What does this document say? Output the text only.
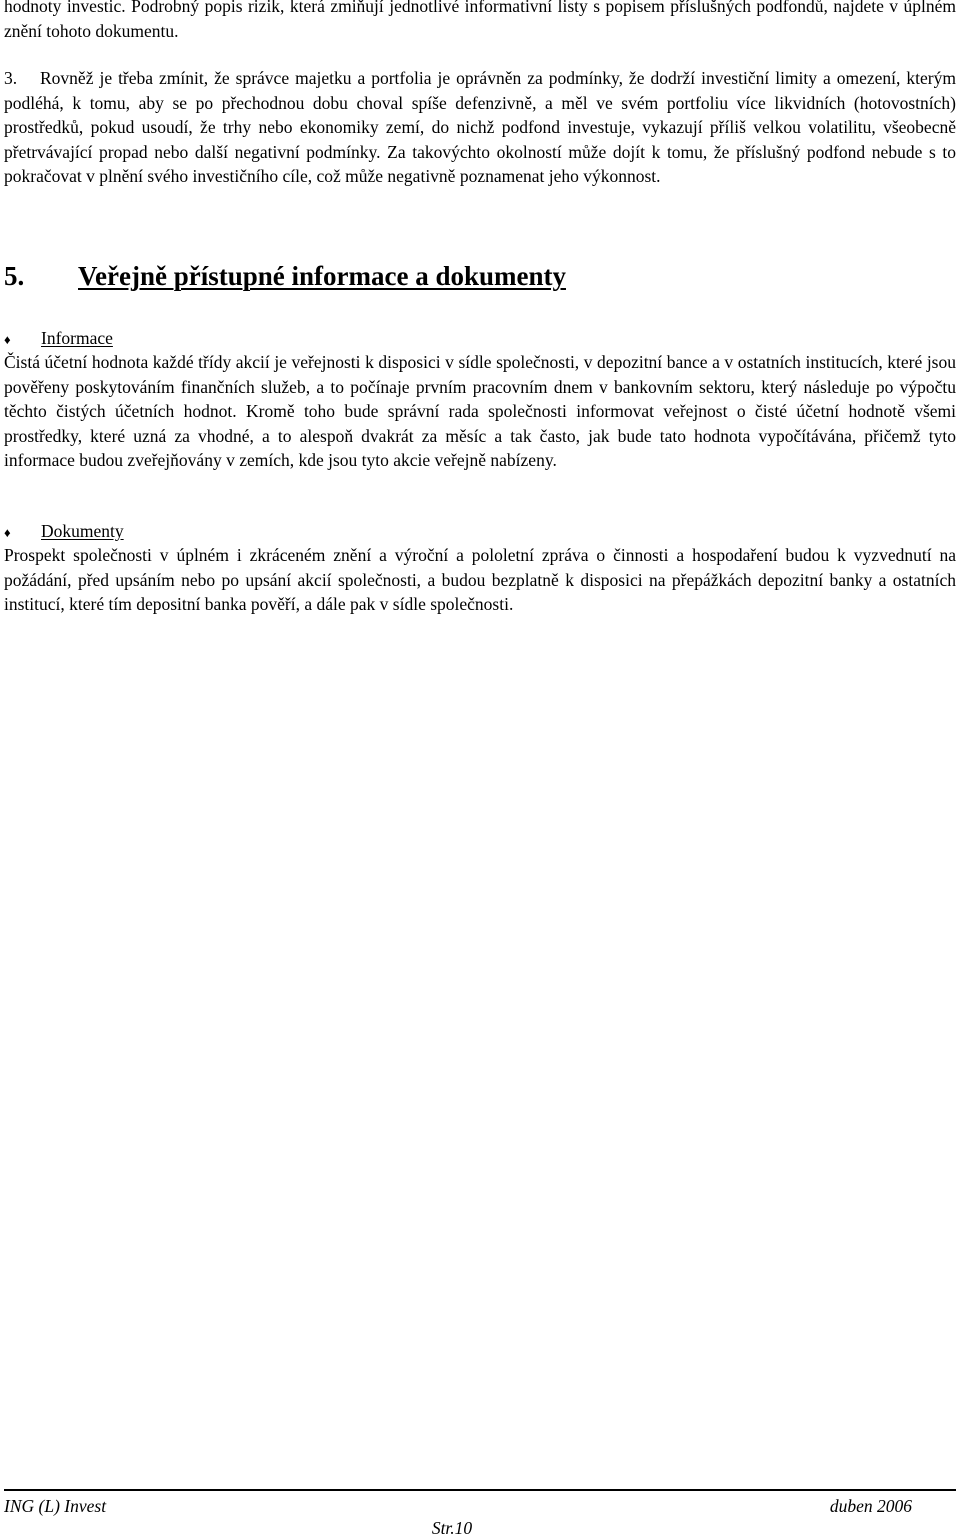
hodnoty investic. Podrobný popis rizik, která zmiňují jednotlivé informativní listy s popisem příslušných podfondů, najdete v úplném znění tohoto dokumentu.

3. Rovněž je třeba zmínit, že správce majetku a portfolia je oprávněn za podmínky, že dodrží investiční limity a omezení, kterým podléhá, k tomu, aby se po přechodnou dobu choval spíše defenzivně, a měl ve svém portfoliu více likvidních (hotovostních) prostředků, pokud usoudí, že trhy nebo ekonomiky zemí, do nichž podfond investuje, vykazují příliš velkou volatilitu, všeobecně přetrvávající propad nebo další negativní podmínky. Za takovýchto okolností může dojít k tomu, že příslušný podfond nebude s to pokračovat v plnění svého investičního cíle, což může negativně poznamenat jeho výkonnost.

5. Veřejně přístupné informace a dokumenty
♦ Informace

Čistá účetní hodnota každé třídy akcií je veřejnosti k disposici v sídle společnosti, v depozitní bance a v ostatních institucích, které jsou pověřeny poskytováním finančních služeb, a to počínaje prvním pracovním dnem v bankovním sektoru, který následuje po výpočtu těchto čistých účetních hodnot. Kromě toho bude správní rada společnosti informovat veřejnost o čisté účetní hodnotě všemi prostředky, které uzná za vhodné, a to alespoň dvakrát za měsíc a tak často, jak bude tato hodnota vypočítávána, přičemž tyto informace budou zveřejňovány v zemích, kde jsou tyto akcie veřejně nabízeny.

♦ Dokumenty

Prospekt společnosti v úplném i zkráceném znění a výroční a pololetní zpráva o činnosti a hospodaření budou k vyzvednutí na požádání, před upsáním nebo po upsání akcií společnosti, a budou bezplatně k disposici na přepážkách depozitní banky a ostatních institucí, které tím depositní banka pověří, a dále pak v sídle společnosti.

ING (L) Invest	duben 2006
Str.10
